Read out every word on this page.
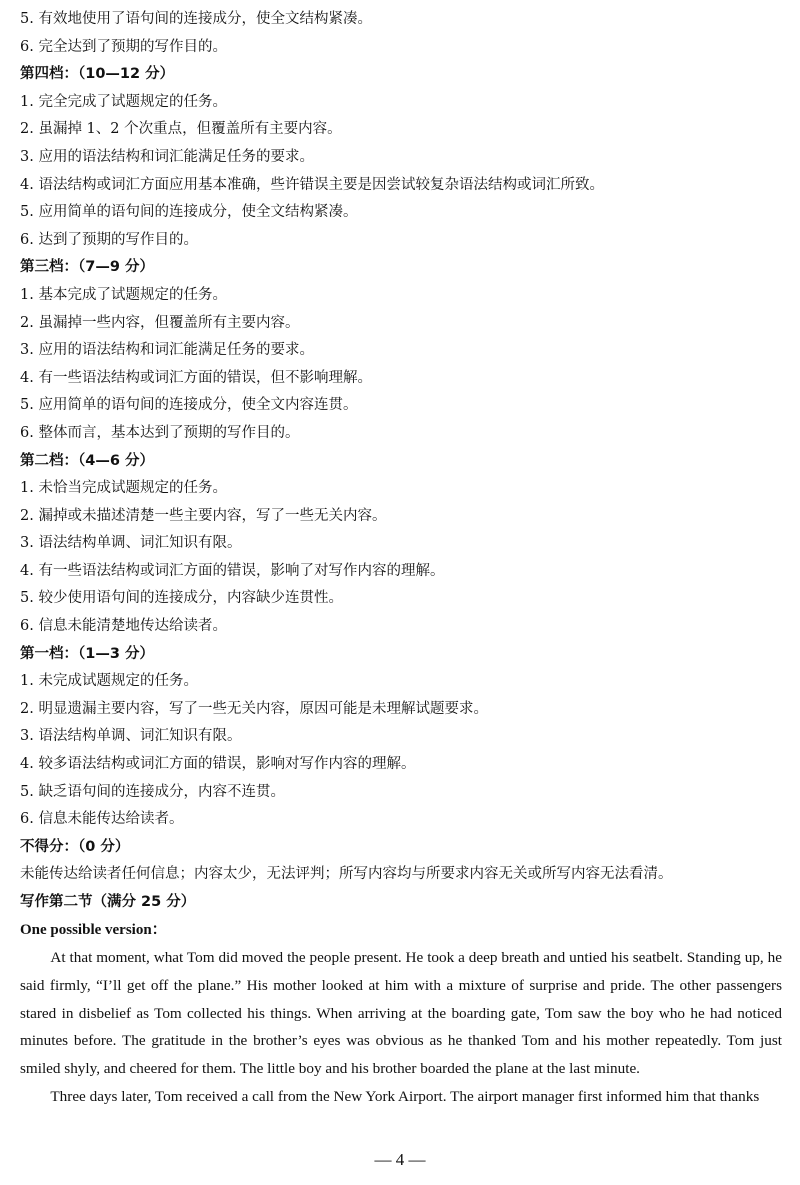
5. 有效地使用了语句间的连接成分，使全文结构紧凑。
6. 完全达到了预期的写作目的。
第四档：（10—12 分）
1. 完全完成了试题规定的任务。
2. 虽漏掉 1、2 个次重点，但覆盖所有主要内容。
3. 应用的语法结构和词汇能满足任务的要求。
4. 语法结构或词汇方面应用基本准确，些许错误主要是因尝试较复杂语法结构或词汇所致。
5. 应用简单的语句间的连接成分，使全文结构紧凑。
6. 达到了预期的写作目的。
第三档：（7—9 分）
1. 基本完成了试题规定的任务。
2. 虽漏掉一些内容，但覆盖所有主要内容。
3. 应用的语法结构和词汇能满足任务的要求。
4. 有一些语法结构或词汇方面的错误，但不影响理解。
5. 应用简单的语句间的连接成分，使全文内容连贯。
6. 整体而言，基本达到了预期的写作目的。
第二档：（4—6 分）
1. 未恰当完成试题规定的任务。
2. 漏掉或未描述清楚一些主要内容，写了一些无关内容。
3. 语法结构单调、词汇知识有限。
4. 有一些语法结构或词汇方面的错误，影响了对写作内容的理解。
5. 较少使用语句间的连接成分，内容缺少连贯性。
6. 信息未能清楚地传达给读者。
第一档：（1—3 分）
1. 未完成试题规定的任务。
2. 明显遗漏主要内容，写了一些无关内容，原因可能是未理解试题要求。
3. 语法结构单调、词汇知识有限。
4. 较多语法结构或词汇方面的错误，影响对写作内容的理解。
5. 缺乏语句间的连接成分，内容不连贯。
6. 信息未能传达给读者。
不得分：（0 分）
未能传达给读者任何信息；内容太少，无法评判；所写内容均与所要求内容无关或所写内容无法看清。
写作第二节（满分 25 分）
One possible version：

At that moment, what Tom did moved the people present. He took a deep breath and untied his seatbelt. Standing up, he said firmly, “I’ll get off the plane.” His mother looked at him with a mixture of surprise and pride. The other passengers stared in disbelief as Tom collected his things. When arriving at the boarding gate, Tom saw the boy who he had noticed minutes before. The gratitude in the brother’s eyes was obvious as he thanked Tom and his mother repeatedly. Tom just smiled shyly, and cheered for them. The little boy and his brother boarded the plane at the last minute.

Three days later, Tom received a call from the New York Airport. The airport manager first informed him that thanks

— 4 —
